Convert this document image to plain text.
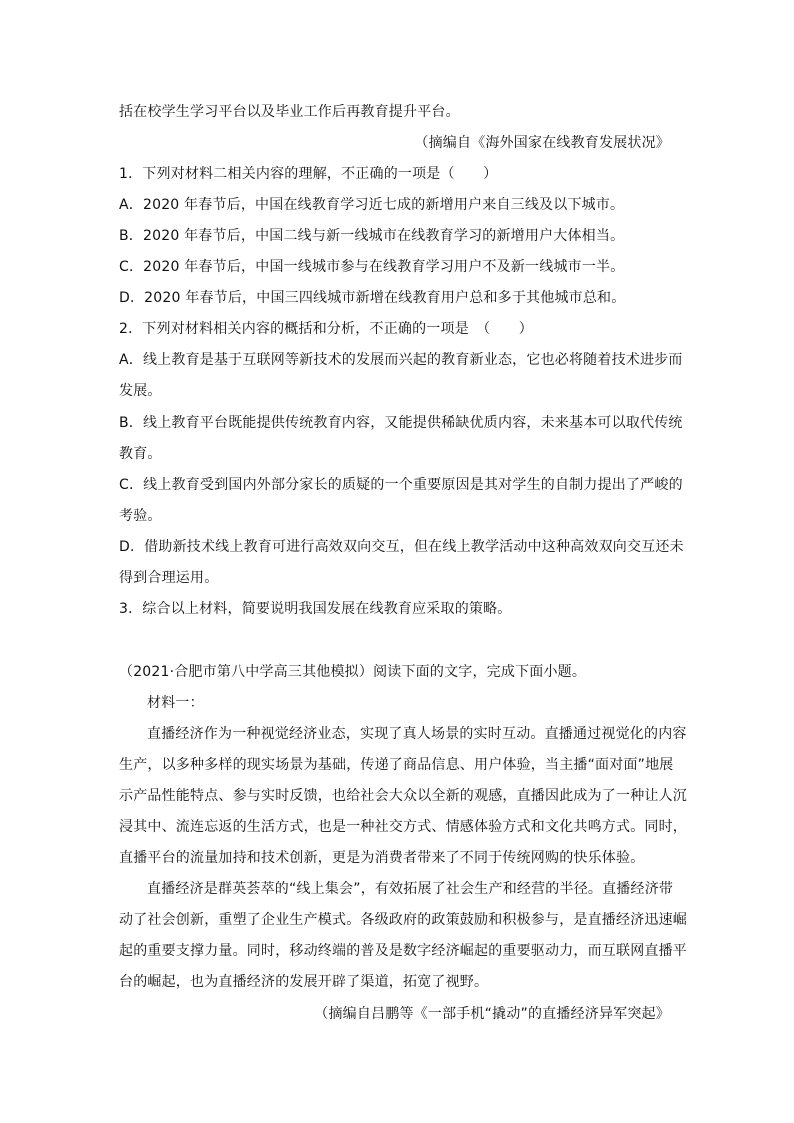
括在校学生学习平台以及毕业工作后再教育提升平台。
（摘编自《海外国家在线教育发展状况》
1．下列对材料二相关内容的理解，不正确的一项是（　　）
A．2020 年春节后，中国在线教育学习近七成的新增用户来自三线及以下城市。
B．2020 年春节后，中国二线与新一线城市在线教育学习的新增用户大体相当。
C．2020 年春节后，中国一线城市参与在线教育学习用户不及新一线城市一半。
D．2020 年春节后，中国三四线城市新增在线教育用户总和多于其他城市总和。
2．下列对材料相关内容的概括和分析，不正确的一项是　（　　）
A．线上教育是基于互联网等新技术的发展而兴起的教育新业态，它也必将随着技术进步而
发展。
B．线上教育平台既能提供传统教育内容，又能提供稀缺优质内容，未来基本可以取代传统
教育。
C．线上教育受到国内外部分家长的质疑的一个重要原因是其对学生的自制力提出了严峻的
考验。
D．借助新技术线上教育可进行高效双向交互，但在线上教学活动中这种高效双向交互还未
得到合理运用。
3．综合以上材料，简要说明我国发展在线教育应采取的策略。
（2021·合肥市第八中学高三其他模拟）阅读下面的文字，完成下面小题。
材料一：
直播经济作为一种视觉经济业态，实现了真人场景的实时互动。直播通过视觉化的内容
生产，以多种多样的现实场景为基础，传递了商品信息、用户体验，当主播“面对面”地展
示产品性能特点、参与实时反馈，也给社会大众以全新的观感，直播因此成为了一种让人沉
浸其中、流连忘返的生活方式，也是一种社交方式、情感体验方式和文化共鸣方式。同时，
直播平台的流量加持和技术创新，更是为消费者带来了不同于传统网购的快乐体验。
直播经济是群英荟萃的“线上集会”，有效拓展了社会生产和经营的半径。直播经济带
动了社会创新，重塑了企业生产模式。各级政府的政策鼓励和积极参与，是直播经济迅速崛
起的重要支撑力量。同时，移动终端的普及是数字经济崛起的重要驱动力，而互联网直播平
台的崛起，也为直播经济的发展开辟了渠道，拓宽了视野。
（摘编自吕鹏等《一部手机“撬动”的直播经济异军突起》
